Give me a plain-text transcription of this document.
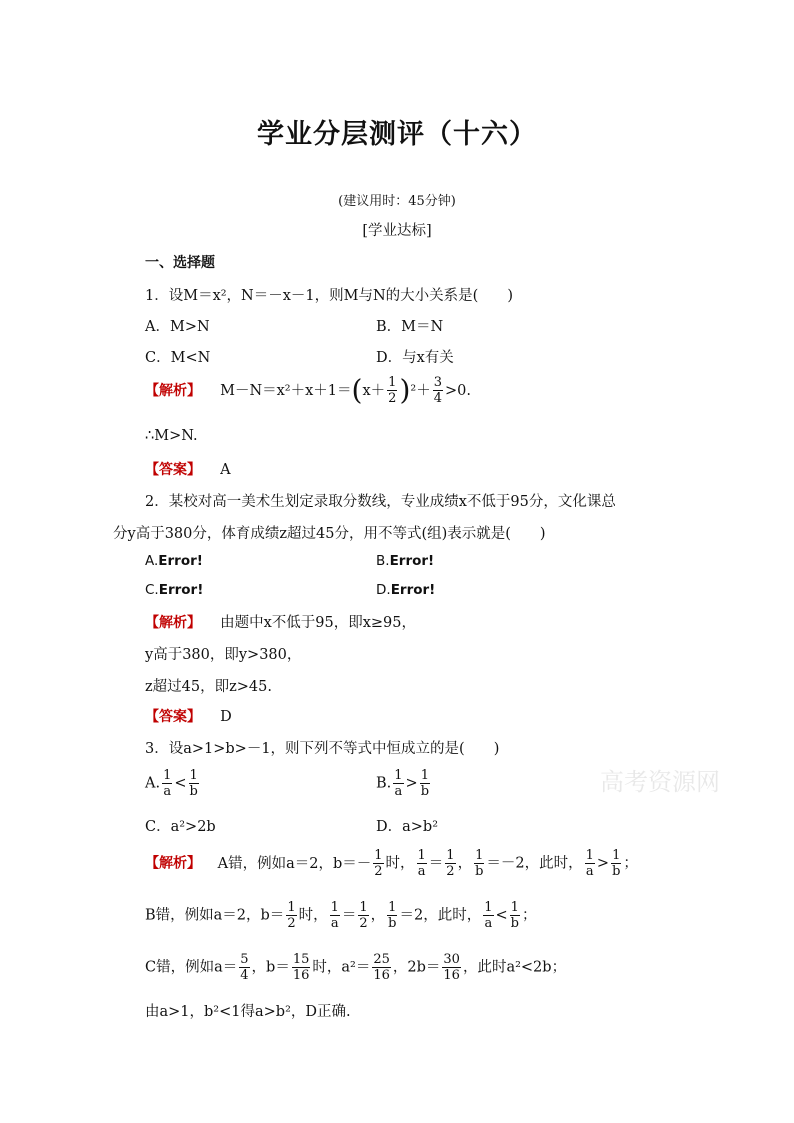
学业分层测评（十六）
(建议用时：45分钟)
[学业达标]
一、选择题
1．设M＝x²，N＝－x－1，则M与N的大小关系是(　　)
A．M>N	B．M＝N
C．M<N	D．与x有关
【解析】 $M-N=x^2+x+1=(x+ \frac{1}{2} )^2+ \frac{3}{4} >0$.
∴M>N.
【答案】 A
2．某校对高一美术生划定录取分数线，专业成绩x不低于95分，文化课总
分y高于380分，体育成绩z超过45分，用不等式(组)表示就是(　　)
A.Error!	B.Error!
C.Error!	D.Error!
【解析】 由题中x不低于95，即x≥95，
y高于380，即y>380，
z超过45，即z>45.
【答案】 D
3．设a>1>b>－1，则下列不等式中恒成立的是(　　)
A. $\frac{1}{a} < \frac{1}{b}$	B. $\frac{1}{a} > \frac{1}{b}$	高考资源网
C．a²>2b	D．a>b²
【解析】 A错，例如a＝2，$b=- \frac{1}{2}$ 时， $\frac{1}{a} = \frac{1}{2}$ ， $\frac{1}{b} =-2$，此时， $\frac{1}{a} > \frac{1}{b}$ ；
B错，例如a＝2，$b= \frac{1}{2}$ 时， $\frac{1}{a} = \frac{1}{2}$ ， $\frac{1}{b} =2$，此时， $\frac{1}{a} < \frac{1}{b}$ ；
C错，例如$a= \frac{5}{4}$ ，$b= \frac{15}{16}$ 时，$a^2= \frac{25}{16}$ ，$2b= \frac{30}{16}$ ，此时a²<2b；
由a>1，b²<1得a>b²，D正确.
